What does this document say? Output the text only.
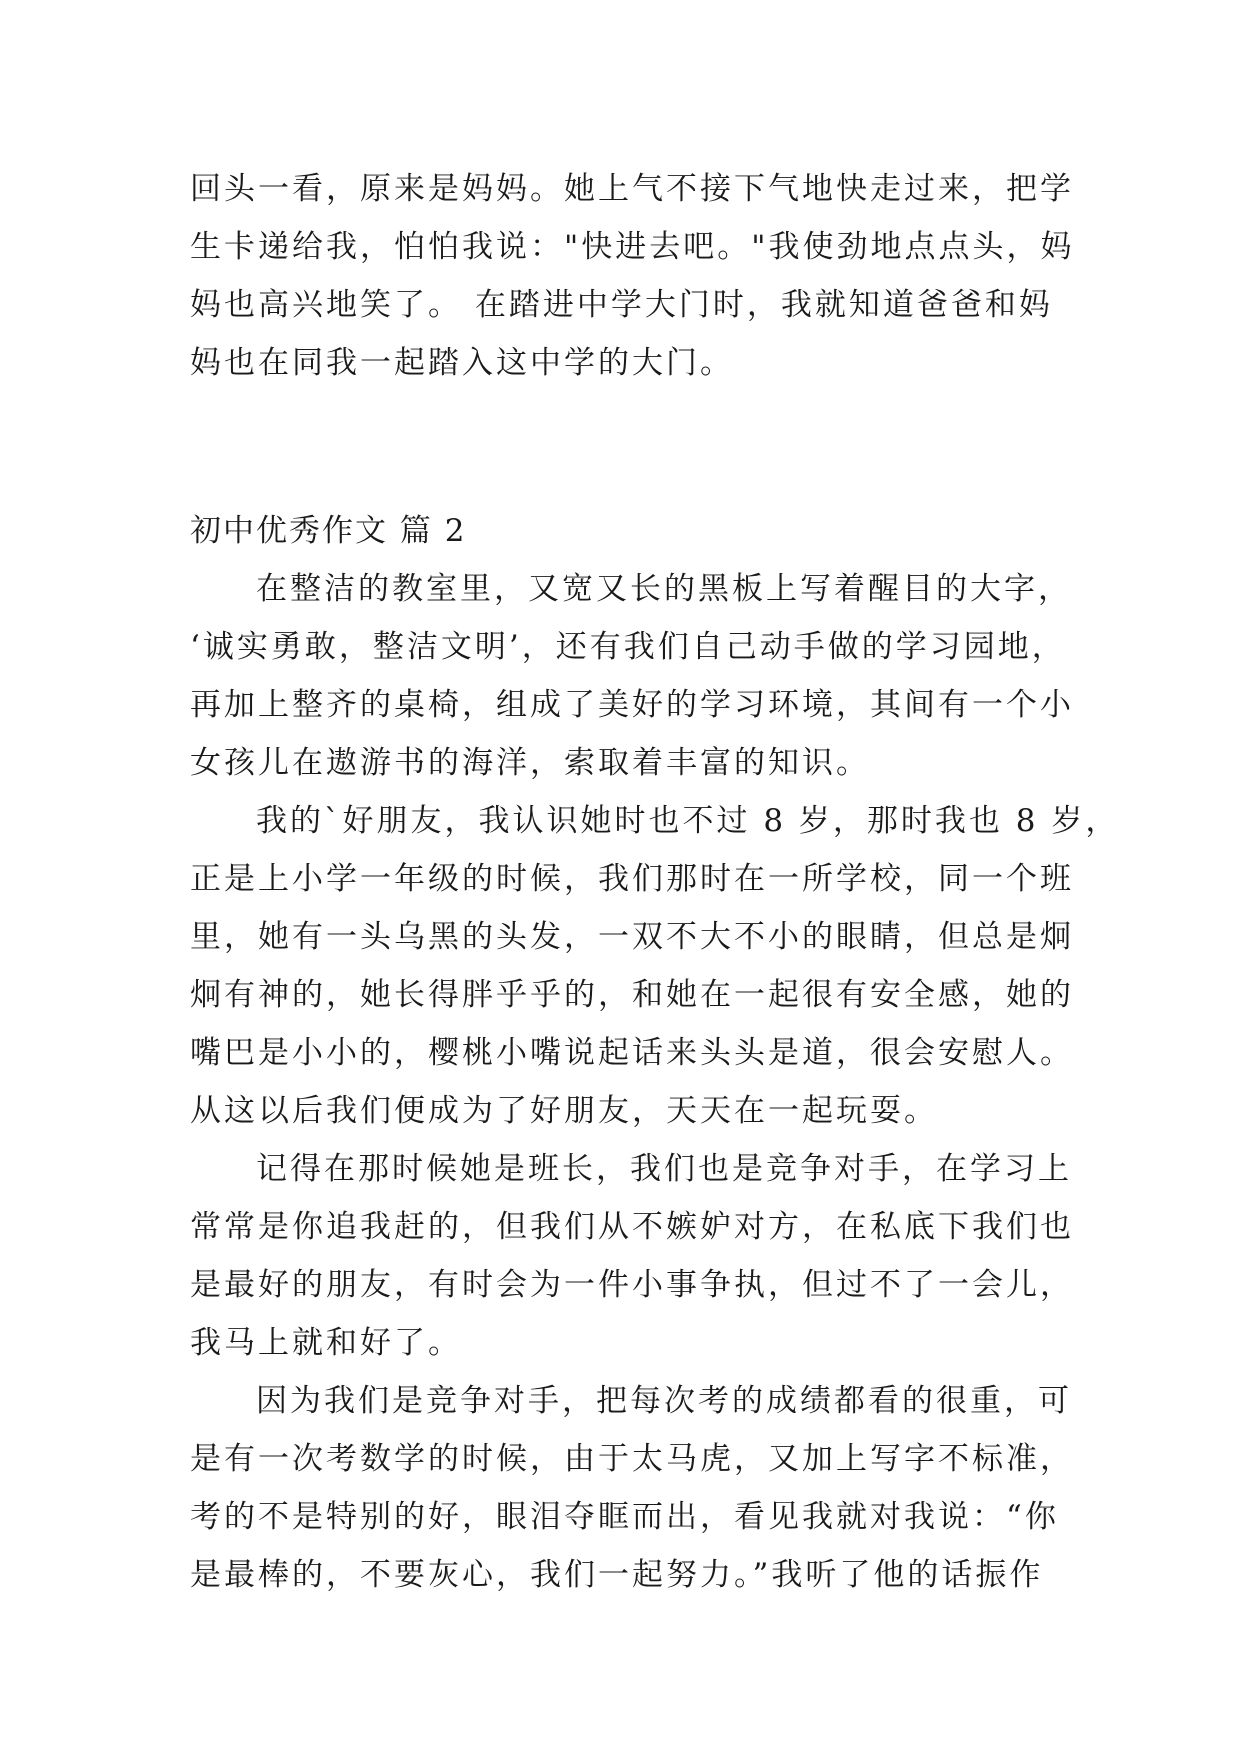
回头一看，原来是妈妈。她上气不接下气地快走过来，把学
生卡递给我，怕怕我说："快进去吧。"我使劲地点点头，妈
妈也高兴地笑了。 在踏进中学大门时，我就知道爸爸和妈
妈也在同我一起踏入这中学的大门。
初中优秀作文 篇 2
在整洁的教室里，又宽又长的黑板上写着醒目的大字，
‘诚实勇敢，整洁文明’，还有我们自己动手做的学习园地，
再加上整齐的桌椅，组成了美好的学习环境，其间有一个小
女孩儿在遨游书的海洋，索取着丰富的知识。
我的`好朋友，我认识她时也不过 8 岁，那时我也 8 岁，
正是上小学一年级的时候，我们那时在一所学校，同一个班
里，她有一头乌黑的头发，一双不大不小的眼睛，但总是炯
炯有神的，她长得胖乎乎的，和她在一起很有安全感，她的
嘴巴是小小的，樱桃小嘴说起话来头头是道，很会安慰人。
从这以后我们便成为了好朋友，天天在一起玩耍。
记得在那时候她是班长，我们也是竞争对手，在学习上
常常是你追我赶的，但我们从不嫉妒对方，在私底下我们也
是最好的朋友，有时会为一件小事争执，但过不了一会儿，
我马上就和好了。
因为我们是竞争对手，把每次考的成绩都看的很重，可
是有一次考数学的时候，由于太马虎，又加上写字不标准，
考的不是特别的好，眼泪夺眶而出，看见我就对我说：“你
是最棒的，不要灰心，我们一起努力。”我听了他的话振作
